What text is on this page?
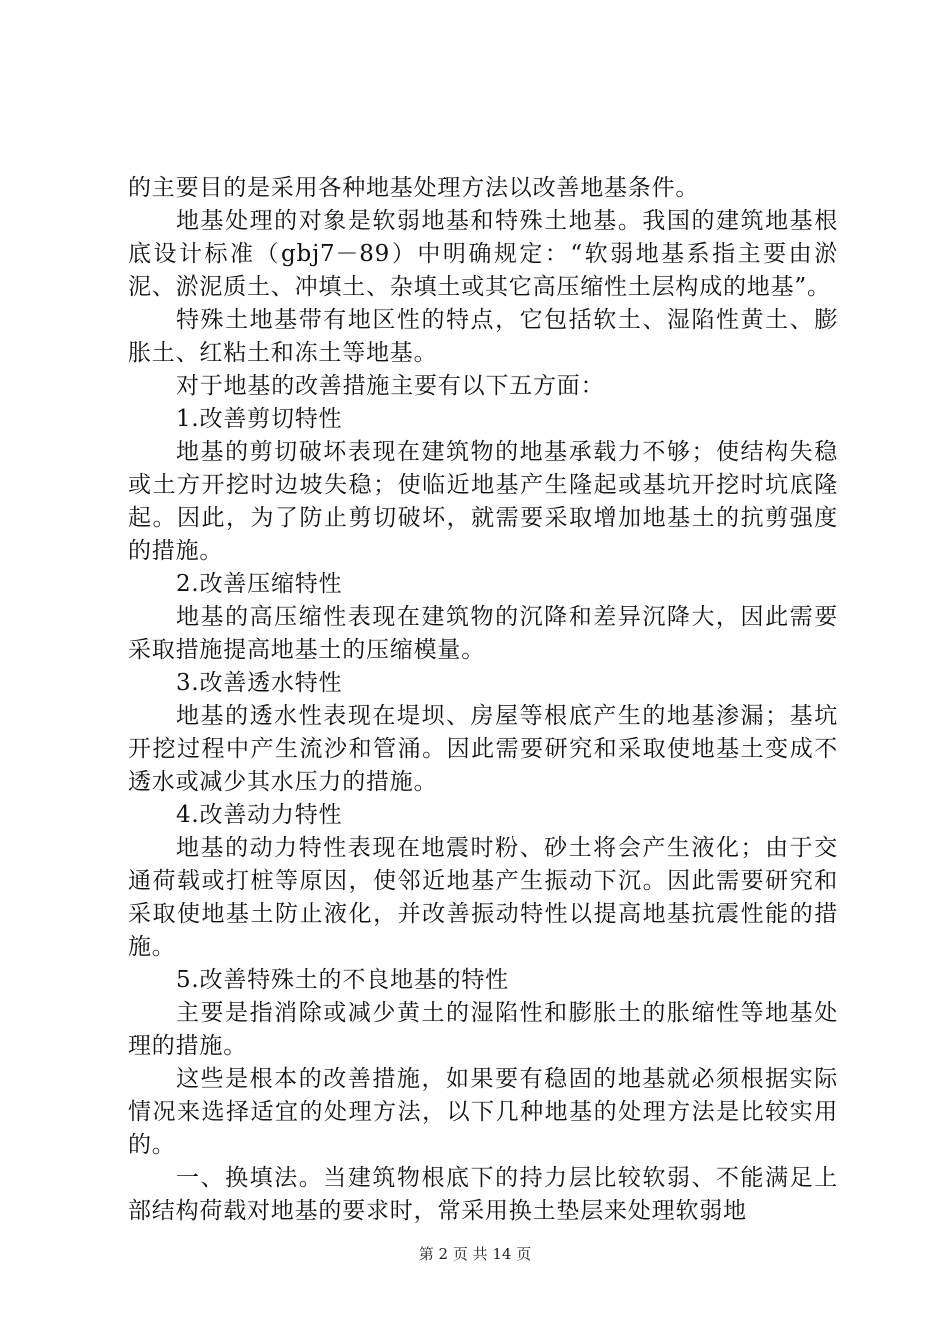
的主要目的是采用各种地基处理方法以改善地基条件。

地基处理的对象是软弱地基和特殊土地基。我国的建筑地基根底设计标准（gbj7－89）中明确规定：“软弱地基系指主要由淤泥、淤泥质土、冲填土、杂填土或其它高压缩性土层构成的地基”。

特殊土地基带有地区性的特点，它包括软土、湿陷性黄土、膨胀土、红粘土和冻土等地基。

对于地基的改善措施主要有以下五方面：

1.改善剪切特性

地基的剪切破坏表现在建筑物的地基承载力不够；使结构失稳或土方开挖时边坡失稳；使临近地基产生隆起或基坑开挖时坑底隆起。因此，为了防止剪切破坏，就需要采取增加地基土的抗剪强度的措施。

2.改善压缩特性

地基的高压缩性表现在建筑物的沉降和差异沉降大，因此需要采取措施提高地基土的压缩模量。

3.改善透水特性

地基的透水性表现在堤坝、房屋等根底产生的地基渗漏；基坑开挖过程中产生流沙和管涌。因此需要研究和采取使地基土变成不透水或减少其水压力的措施。

4.改善动力特性

地基的动力特性表现在地震时粉、砂土将会产生液化；由于交通荷载或打桩等原因，使邻近地基产生振动下沉。因此需要研究和采取使地基土防止液化，并改善振动特性以提高地基抗震性能的措施。

5.改善特殊土的不良地基的特性

主要是指消除或减少黄土的湿陷性和膨胀土的胀缩性等地基处理的措施。

这些是根本的改善措施，如果要有稳固的地基就必须根据实际情况来选择适宜的处理方法，以下几种地基的处理方法是比较实用的。

一、换填法。当建筑物根底下的持力层比较软弱、不能满足上部结构荷载对地基的要求时，常采用换土垫层来处理软弱地

第 2 页 共 14 页
